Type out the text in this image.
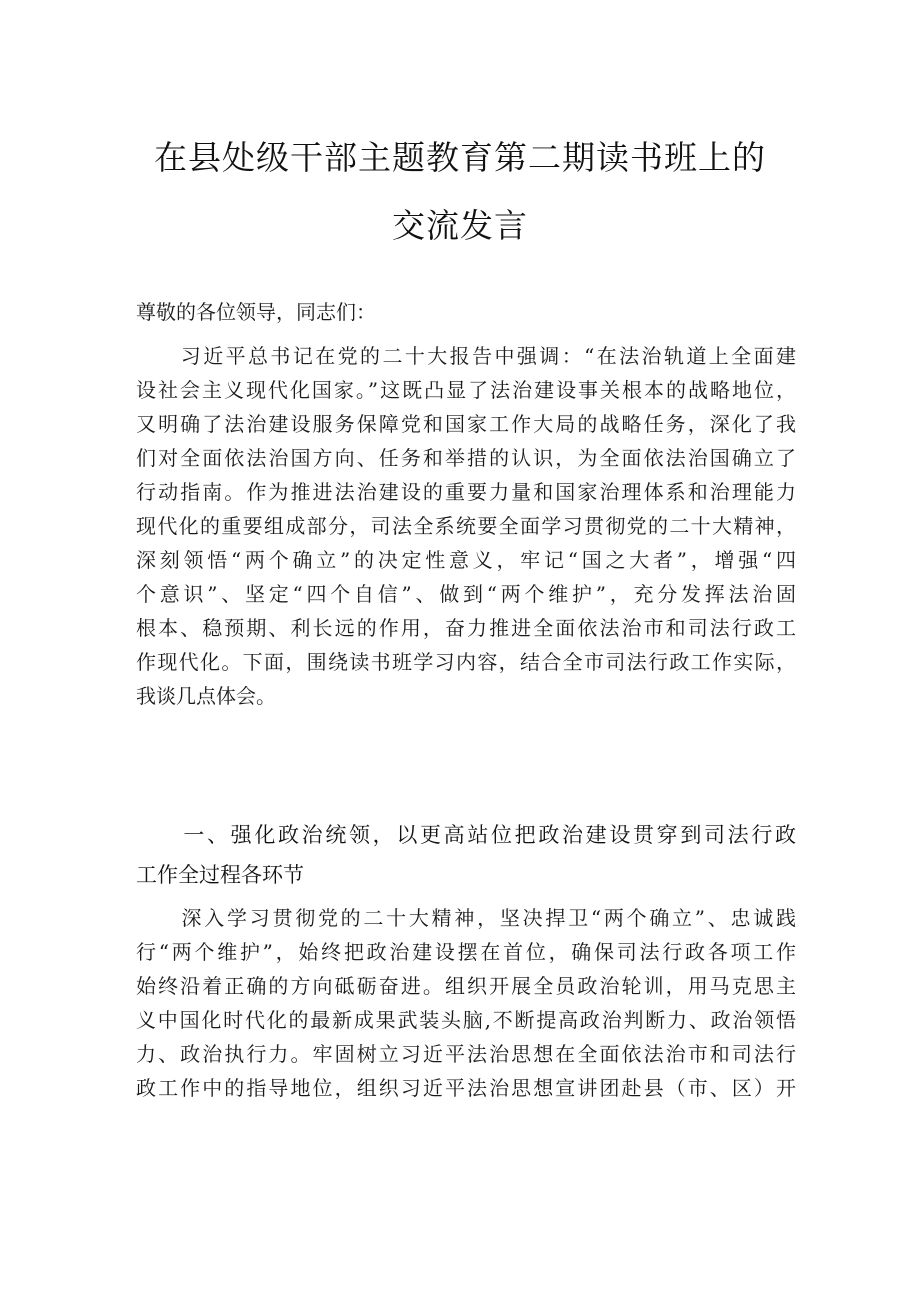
在县处级干部主题教育第二期读书班上的
交流发言
尊敬的各位领导，同志们：
　　习近平总书记在党的二十大报告中强调：“在法治轨道上全面建
设社会主义现代化国家。”这既凸显了法治建设事关根本的战略地位，
又明确了法治建设服务保障党和国家工作大局的战略任务，深化了我
们对全面依法治国方向、任务和举措的认识，为全面依法治国确立了
行动指南。作为推进法治建设的重要力量和国家治理体系和治理能力
现代化的重要组成部分，司法全系统要全面学习贯彻党的二十大精神，
深刻领悟“两个确立”的决定性意义，牢记“国之大者”，增强“四
个意识”、坚定“四个自信”、做到“两个维护”，充分发挥法治固
根本、稳预期、利长远的作用，奋力推进全面依法治市和司法行政工
作现代化。下面，围绕读书班学习内容，结合全市司法行政工作实际，
我谈几点体会。
　　一、强化政治统领，以更高站位把政治建设贯穿到司法行政
工作全过程各环节
　　深入学习贯彻党的二十大精神，坚决捍卫“两个确立”、忠诚践
行“两个维护”，始终把政治建设摆在首位，确保司法行政各项工作
始终沿着正确的方向砥砺奋进。组织开展全员政治轮训，用马克思主
义中国化时代化的最新成果武装头脑,不断提高政治判断力、政治领悟
力、政治执行力。牢固树立习近平法治思想在全面依法治市和司法行
政工作中的指导地位，组织习近平法治思想宣讲团赴县（市、区）开
